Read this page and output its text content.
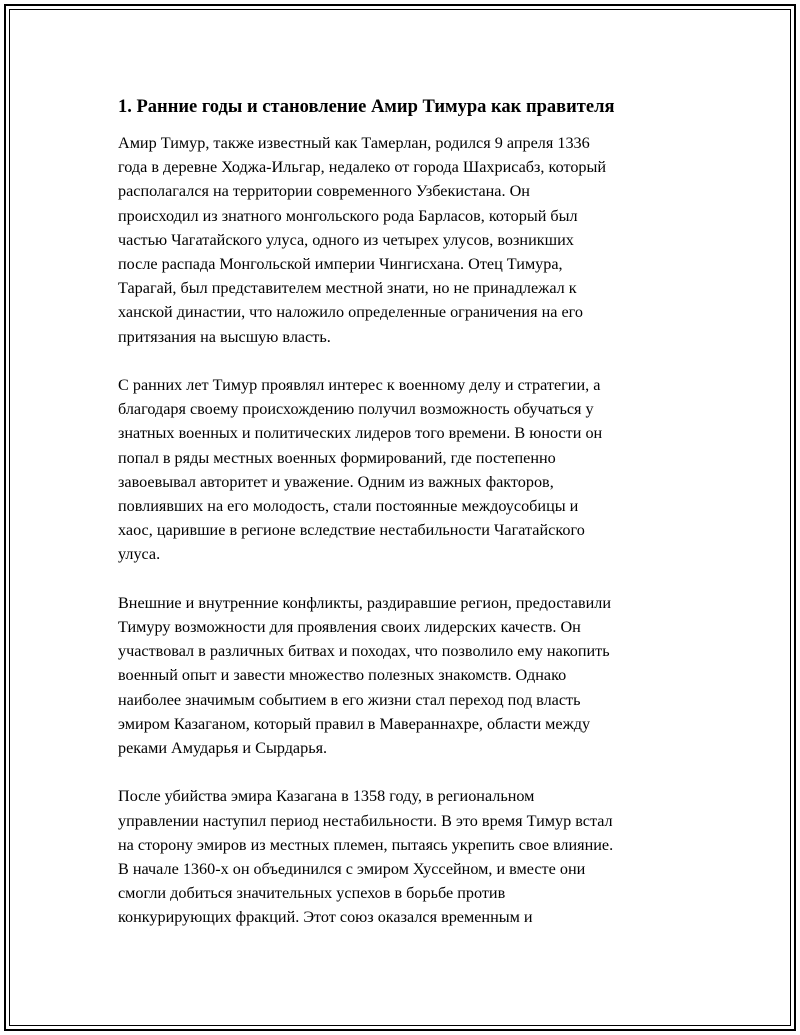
1. Ранние годы и становление Амир Тимура как правителя

Амир Тимур, также известный как Тамерлан, родился 9 апреля 1336
года в деревне Ходжа-Ильгар, недалеко от города Шахрисабз, который
располагался на территории современного Узбекистана. Он
происходил из знатного монгольского рода Барласов, который был
частью Чагатайского улуса, одного из четырех улусов, возникших
после распада Монгольской империи Чингисхана. Отец Тимура,
Тарагай, был представителем местной знати, но не принадлежал к
ханской династии, что наложило определенные ограничения на его
притязания на высшую власть.

С ранних лет Тимур проявлял интерес к военному делу и стратегии, а
благодаря своему происхождению получил возможность обучаться у
знатных военных и политических лидеров того времени. В юности он
попал в ряды местных военных формирований, где постепенно
завоевывал авторитет и уважение. Одним из важных факторов,
повлиявших на его молодость, стали постоянные междоусобицы и
хаос, царившие в регионе вследствие нестабильности Чагатайского
улуса.

Внешние и внутренние конфликты, раздиравшие регион, предоставили
Тимуру возможности для проявления своих лидерских качеств. Он
участвовал в различных битвах и походах, что позволило ему накопить
военный опыт и завести множество полезных знакомств. Однако
наиболее значимым событием в его жизни стал переход под власть
эмиром Казаганом, который правил в Мавераннахре, области между
реками Амударья и Сырдарья.

После убийства эмира Казагана в 1358 году, в региональном
управлении наступил период нестабильности. В это время Тимур встал
на сторону эмиров из местных племен, пытаясь укрепить свое влияние.
В начале 1360-х он объединился с эмиром Хуссейном, и вместе они
смогли добиться значительных успехов в борьбе против
конкурирующих фракций. Этот союз оказался временным и
